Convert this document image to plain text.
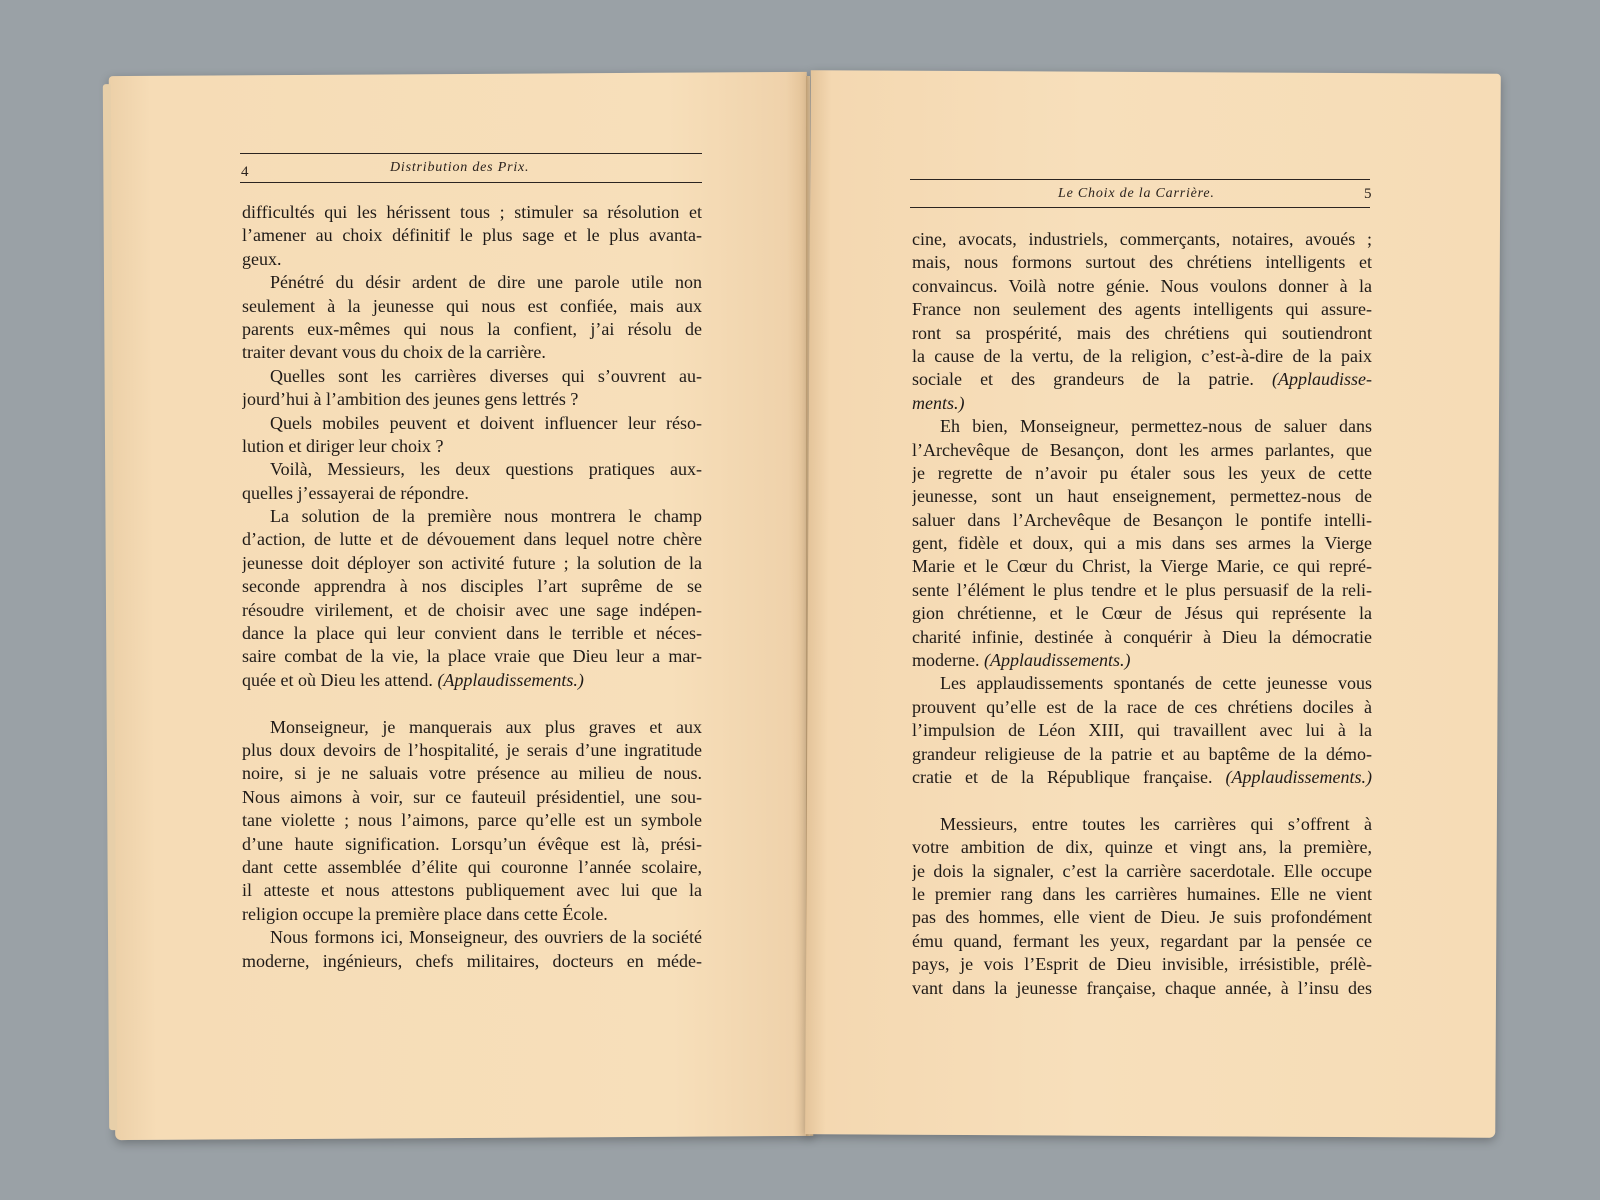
Distribution des Prix.
4
Le Choix de la Carrière.	5
difficultés qui les hérissent tous ; stimuler sa résolution et
l’amener au choix définitif le plus sage et le plus avanta-
geux.
Pénétré du désir ardent de dire une parole utile non
seulement à la jeunesse qui nous est confiée, mais aux
parents eux-mêmes qui nous la confient, j’ai résolu de
traiter devant vous du choix de la carrière.
Quelles sont les carrières diverses qui s’ouvrent au-
jourd’hui à l’ambition des jeunes gens lettrés ?
Quels mobiles peuvent et doivent influencer leur réso-
lution et diriger leur choix ?
Voilà, Messieurs, les deux questions pratiques aux-
quelles j’essayerai de répondre.
La solution de la première nous montrera le champ
d’action, de lutte et de dévouement dans lequel notre chère
jeunesse doit déployer son activité future ; la solution de la
seconde apprendra à nos disciples l’art suprême de se
résoudre virilement, et de choisir avec une sage indépen-
dance la place qui leur convient dans le terrible et néces-
saire combat de la vie, la place vraie que Dieu leur a mar-
quée et où Dieu les attend. (Applaudissements.)
Monseigneur, je manquerais aux plus graves et aux
plus doux devoirs de l’hospitalité, je serais d’une ingratitude
noire, si je ne saluais votre présence au milieu de nous.
Nous aimons à voir, sur ce fauteuil présidentiel, une sou-
tane violette ; nous l’aimons, parce qu’elle est un symbole
d’une haute signification. Lorsqu’un évêque est là, prési-
dant cette assemblée d’élite qui couronne l’année scolaire,
il atteste et nous attestons publiquement avec lui que la
religion occupe la première place dans cette École.
Nous formons ici, Monseigneur, des ouvriers de la société
moderne, ingénieurs, chefs militaires, docteurs en méde-
cine, avocats, industriels, commerçants, notaires, avoués ;
mais, nous formons surtout des chrétiens intelligents et
convaincus. Voilà notre génie. Nous voulons donner à la
France non seulement des agents intelligents qui assure-
ront sa prospérité, mais des chrétiens qui soutiendront
la cause de la vertu, de la religion, c’est-à-dire de la paix
sociale et des grandeurs de la patrie. (Applaudisse-
ments.)
Eh bien, Monseigneur, permettez-nous de saluer dans
l’Archevêque de Besançon, dont les armes parlantes, que
je regrette de n’avoir pu étaler sous les yeux de cette
jeunesse, sont un haut enseignement, permettez-nous de
saluer dans l’Archevêque de Besançon le pontife intelli-
gent, fidèle et doux, qui a mis dans ses armes la Vierge
Marie et le Cœur du Christ, la Vierge Marie, ce qui repré-
sente l’élément le plus tendre et le plus persuasif de la reli-
gion chrétienne, et le Cœur de Jésus qui représente la
charité infinie, destinée à conquérir à Dieu la démocratie
moderne. (Applaudissements.)
Les applaudissements spontanés de cette jeunesse vous
prouvent qu’elle est de la race de ces chrétiens dociles à
l’impulsion de Léon XIII, qui travaillent avec lui à la
grandeur religieuse de la patrie et au baptême de la démo-
cratie et de la République française. (Applaudissements.)
Messieurs, entre toutes les carrières qui s’offrent à
votre ambition de dix, quinze et vingt ans, la première,
je dois la signaler, c’est la carrière sacerdotale. Elle occupe
le premier rang dans les carrières humaines. Elle ne vient
pas des hommes, elle vient de Dieu. Je suis profondément
ému quand, fermant les yeux, regardant par la pensée ce
pays, je vois l’Esprit de Dieu invisible, irrésistible, prélè-
vant dans la jeunesse française, chaque année, à l’insu des
